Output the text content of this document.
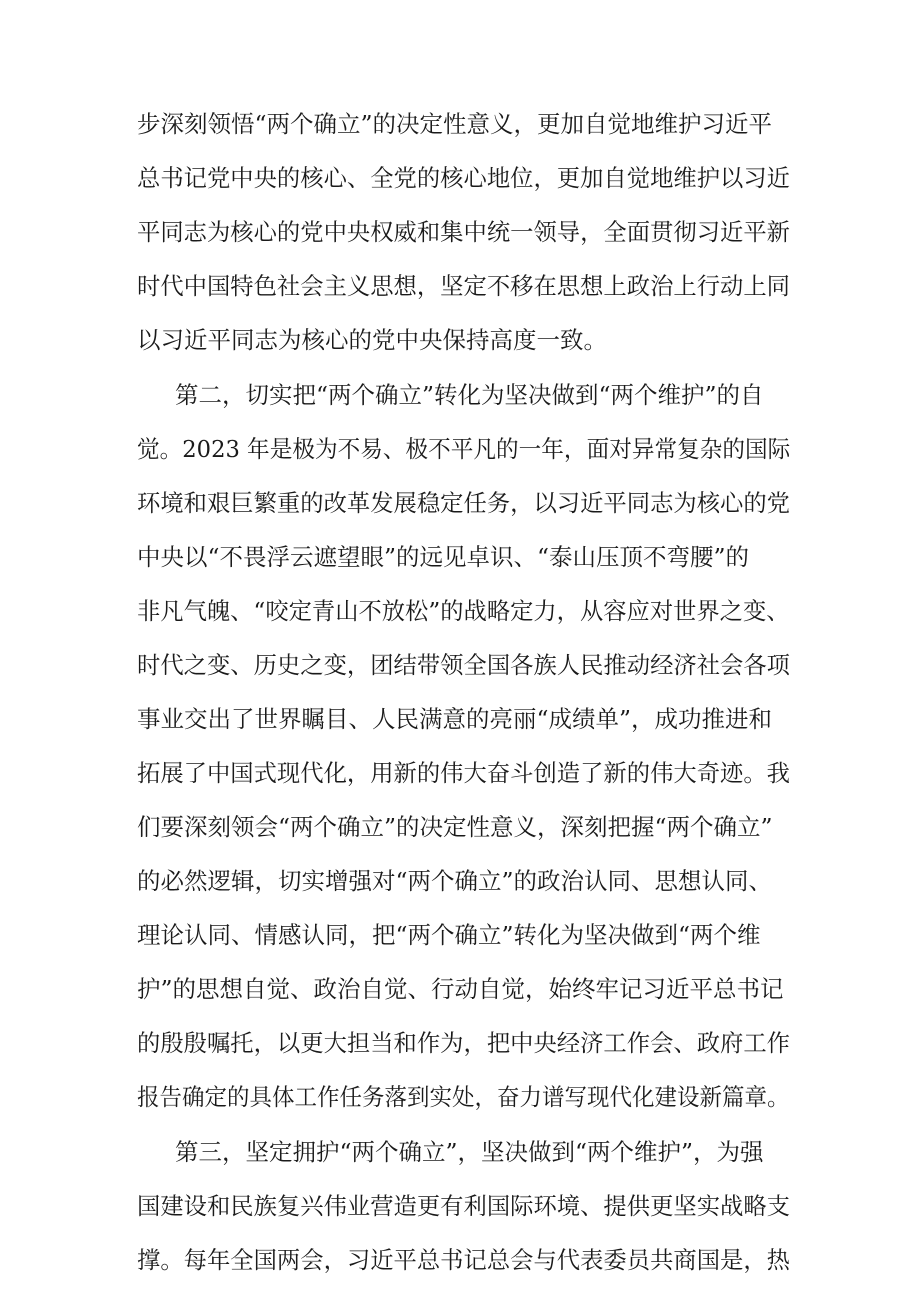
步深刻领悟“两个确立”的决定性意义，更加自觉地维护习近平
总书记党中央的核心、全党的核心地位，更加自觉地维护以习近
平同志为核心的党中央权威和集中统一领导，全面贯彻习近平新
时代中国特色社会主义思想，坚定不移在思想上政治上行动上同
以习近平同志为核心的党中央保持高度一致。
第二，切实把“两个确立”转化为坚决做到“两个维护”的自
觉。2023 年是极为不易、极不平凡的一年，面对异常复杂的国际
环境和艰巨繁重的改革发展稳定任务，以习近平同志为核心的党
中央以“不畏浮云遮望眼”的远见卓识、“泰山压顶不弯腰”的
非凡气魄、“咬定青山不放松”的战略定力，从容应对世界之变、
时代之变、历史之变，团结带领全国各族人民推动经济社会各项
事业交出了世界瞩目、人民满意的亮丽“成绩单”，成功推进和
拓展了中国式现代化，用新的伟大奋斗创造了新的伟大奇迹。我
们要深刻领会“两个确立”的决定性意义，深刻把握“两个确立”
的必然逻辑，切实增强对“两个确立”的政治认同、思想认同、
理论认同、情感认同，把“两个确立”转化为坚决做到“两个维
护”的思想自觉、政治自觉、行动自觉，始终牢记习近平总书记
的殷殷嘱托，以更大担当和作为，把中央经济工作会、政府工作
报告确定的具体工作任务落到实处，奋力谱写现代化建设新篇章。
第三，坚定拥护“两个确立”，坚决做到“两个维护”，为强
国建设和民族复兴伟业营造更有利国际环境、提供更坚实战略支
撑。每年全国两会，习近平总书记总会与代表委员共商国是，热
